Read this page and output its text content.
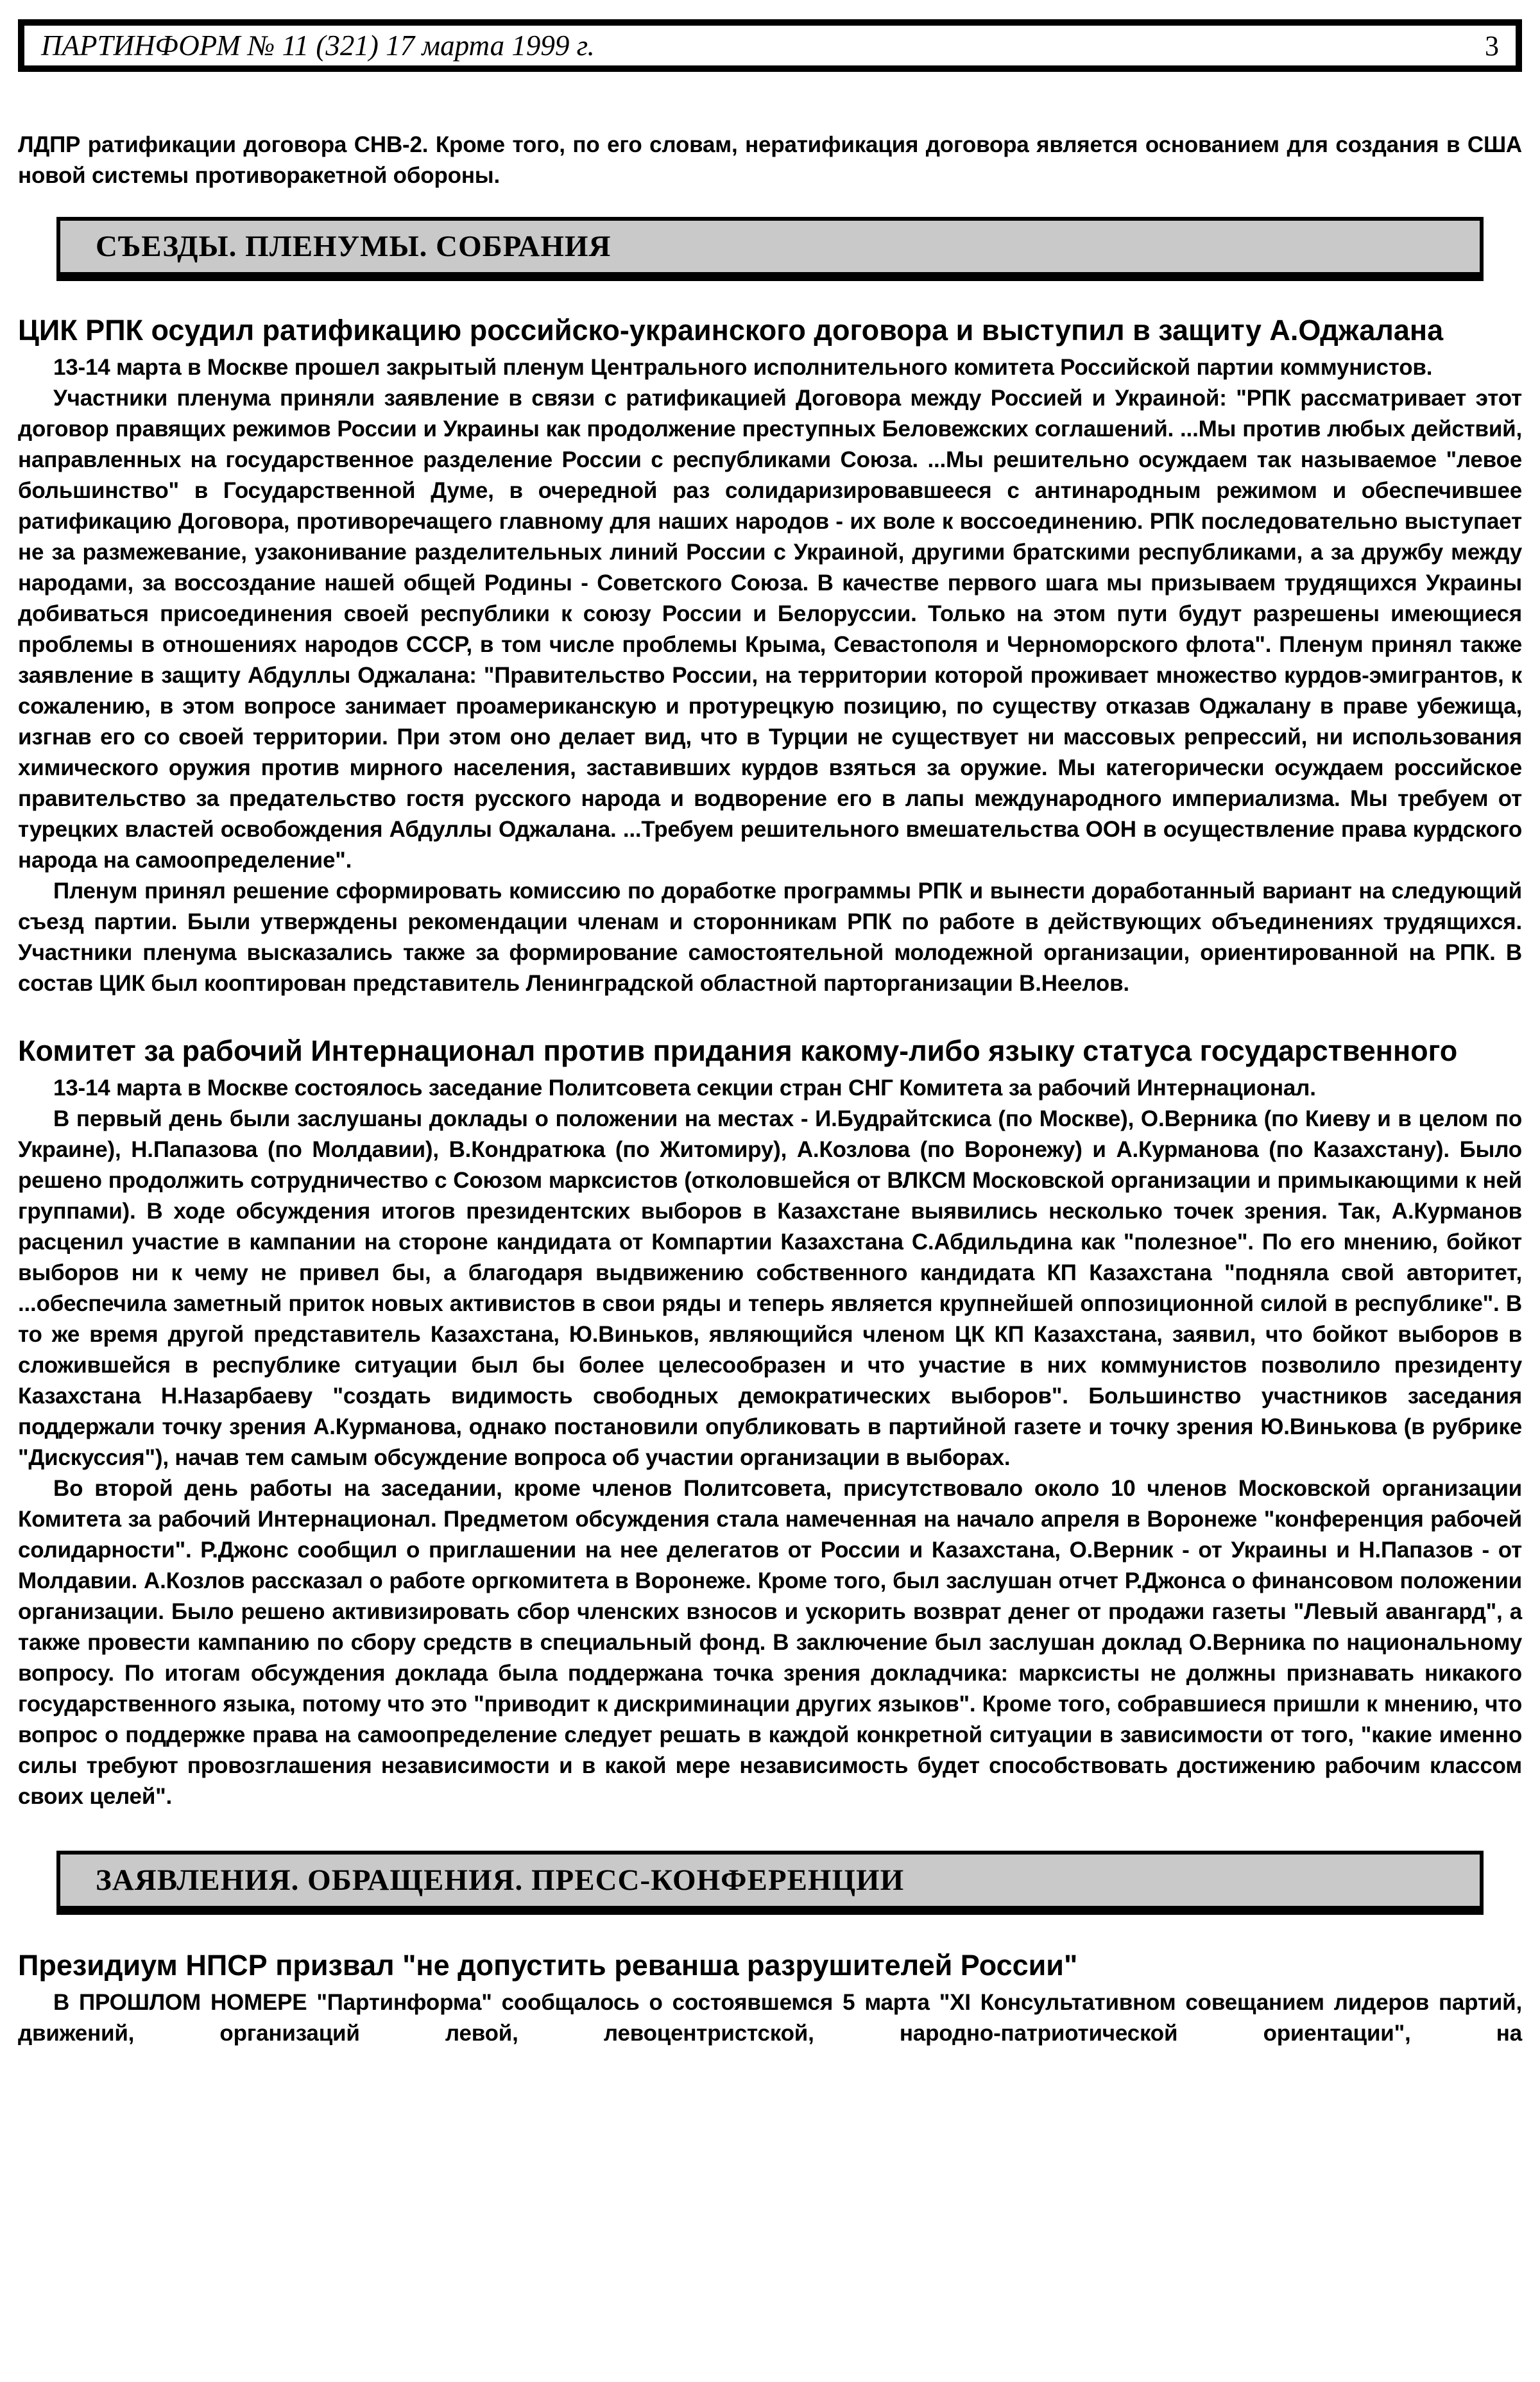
ПАРТИНФОРМ № 11 (321) 17 марта 1999 г.	3

ЛДПР ратификации договора СНВ-2. Кроме того, по его словам, нератификация договора является основанием для создания в США новой системы противоракетной обороны.

СЪЕЗДЫ. ПЛЕНУМЫ. СОБРАНИЯ
ЦИК РПК осудил ратификацию российско-украинского договора и выступил в защиту А.Оджалана

13-14 марта в Москве прошел закрытый пленум Центрального исполнительного комитета Российской партии коммунистов.

Участники пленума приняли заявление в связи с ратификацией Договора между Россией и Украиной: "РПК рассматривает этот договор правящих режимов России и Украины как продолжение преступных Беловежских соглашений. ...Мы против любых действий, направленных на государственное разделение России с республиками Союза. ...Мы решительно осуждаем так называемое "левое большинство" в Государственной Думе, в очередной раз солидаризировавшееся с антинародным режимом и обеспечившее ратификацию Договора, противоречащего главному для наших народов - их воле к воссоединению. РПК последовательно выступает не за размежевание, узаконивание разделительных линий России с Украиной, другими братскими республиками, а за дружбу между народами, за воссоздание нашей общей Родины - Советского Союза. В качестве первого шага мы призываем трудящихся Украины добиваться присоединения своей республики к союзу России и Белоруссии. Только на этом пути будут разрешены имеющиеся проблемы в отношениях народов СССР, в том числе проблемы Крыма, Севастополя и Черноморского флота". Пленум принял также заявление в защиту Абдуллы Оджалана: "Правительство России, на территории которой проживает множество курдов-эмигрантов, к сожалению, в этом вопросе занимает проамериканскую и протурецкую позицию, по существу отказав Оджалану в праве убежища, изгнав его со своей территории. При этом оно делает вид, что в Турции не существует ни массовых репрессий, ни использования химического оружия против мирного населения, заставивших курдов взяться за оружие. Мы категорически осуждаем российское правительство за предательство гостя русского народа и водворение его в лапы международного империализма. Мы требуем от турецких властей освобождения Абдуллы Оджалана. ...Требуем решительного вмешательства ООН в осуществление права курдского народа на самоопределение".

Пленум принял решение сформировать комиссию по доработке программы РПК и вынести доработанный вариант на следующий съезд партии. Были утверждены рекомендации членам и сторонникам РПК по работе в действующих объединениях трудящихся. Участники пленума высказались также за формирование самостоятельной молодежной организации, ориентированной на РПК. В состав ЦИК был кооптирован представитель Ленинградской областной парторганизации В.Неелов.

Комитет за рабочий Интернационал против придания какому-либо языку статуса государственного

13-14 марта в Москве состоялось заседание Политсовета секции стран СНГ Комитета за рабочий Интернационал.

В первый день были заслушаны доклады о положении на местах - И.Будрайтскиса (по Москве), О.Верника (по Киеву и в целом по Украине), Н.Папазова (по Молдавии), В.Кондратюка (по Житомиру), А.Козлова (по Воронежу) и А.Курманова (по Казахстану). Было решено продолжить сотрудничество с Союзом марксистов (отколовшейся от ВЛКСМ Московской организации и примыкающими к ней группами). В ходе обсуждения итогов президентских выборов в Казахстане выявились несколько точек зрения. Так, А.Курманов расценил участие в кампании на стороне кандидата от Компартии Казахстана С.Абдильдина как "полезное". По его мнению, бойкот выборов ни к чему не привел бы, а благодаря выдвижению собственного кандидата КП Казахстана "подняла свой авторитет, ...обеспечила заметный приток новых активистов в свои ряды и теперь является крупнейшей оппозиционной силой в республике". В то же время другой представитель Казахстана, Ю.Виньков, являющийся членом ЦК КП Казахстана, заявил, что бойкот выборов в сложившейся в республике ситуации был бы более целесообразен и что участие в них коммунистов позволило президенту Казахстана Н.Назарбаеву "создать видимость свободных демократических выборов". Большинство участников заседания поддержали точку зрения А.Курманова, однако постановили опубликовать в партийной газете и точку зрения Ю.Винькова (в рубрике "Дискуссия"), начав тем самым обсуждение вопроса об участии организации в выборах.

Во второй день работы на заседании, кроме членов Политсовета, присутствовало около 10 членов Московской организации Комитета за рабочий Интернационал. Предметом обсуждения стала намеченная на начало апреля в Воронеже "конференция рабочей солидарности". Р.Джонс сообщил о приглашении на нее делегатов от России и Казахстана, О.Верник - от Украины и Н.Папазов - от Молдавии. А.Козлов рассказал о работе оргкомитета в Воронеже. Кроме того, был заслушан отчет Р.Джонса о финансовом положении организации. Было решено активизировать сбор членских взносов и ускорить возврат денег от продажи газеты "Левый авангард", а также провести кампанию по сбору средств в специальный фонд. В заключение был заслушан доклад О.Верника по национальному вопросу. По итогам обсуждения доклада была поддержана точка зрения докладчика: марксисты не должны признавать никакого государственного языка, потому что это "приводит к дискриминации других языков". Кроме того, собравшиеся пришли к мнению, что вопрос о поддержке права на самоопределение следует решать в каждой конкретной ситуации в зависимости от того, "какие именно силы требуют провозглашения независимости и в какой мере независимость будет способствовать достижению рабочим классом своих целей".

ЗАЯВЛЕНИЯ. ОБРАЩЕНИЯ. ПРЕСС-КОНФЕРЕНЦИИ
Президиум НПСР призвал "не допустить реванша разрушителей России"

В ПРОШЛОМ НОМЕРЕ "Партинформа" сообщалось о состоявшемся 5 марта "XI Консультативном совещанием лидеров партий, движений, организаций левой, левоцентристской, народно-патриотической ориентации", на
